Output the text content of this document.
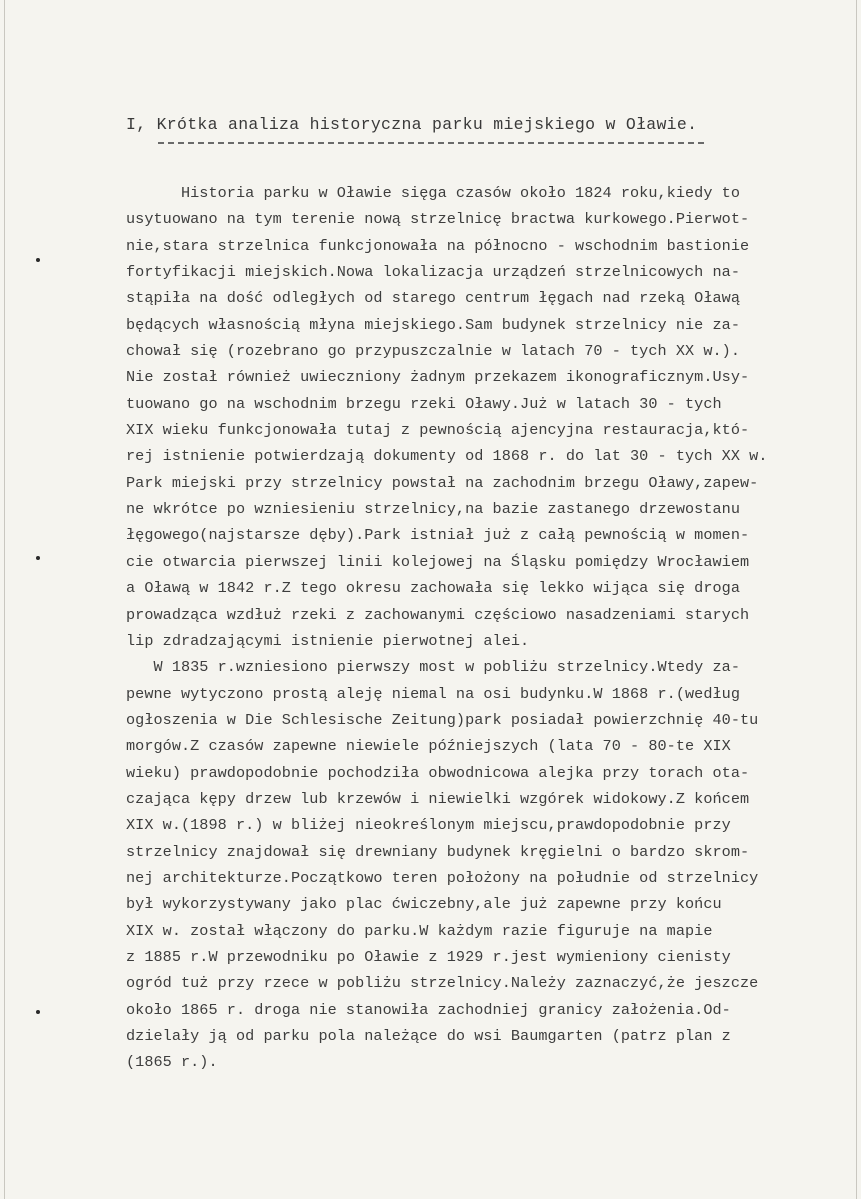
I, Krótka analiza historyczna parku miejskiego w Oławie.
Historia parku w Oławie sięga czasów około 1824 roku,kiedy to
usytuowano na tym terenie nową strzelnicę bractwa kurkowego.Pierwot-
nie,stara strzelnica funkcjonowała na północno - wschodnim bastionie
fortyfikacji miejskich.Nowa lokalizacja urządzeń strzelnicowych na-
stąpiła na dość odległych od starego centrum łęgach nad rzeką Oławą
będących własnością młyna miejskiego.Sam budynek strzelnicy nie za-
chował się (rozebrano go przypuszczalnie w latach 70 - tych XX w.).
Nie został również uwieczniony żadnym przekazem ikonograficznym.Usy-
tuowano go na wschodnim brzegu rzeki Oławy.Już w latach 30 - tych
XIX wieku funkcjonowała tutaj z pewnością ajencyjna restauracja,któ-
rej istnienie potwierdzają dokumenty od 1868 r. do lat 30 - tych XX w.
Park miejski przy strzelnicy powstał na zachodnim brzegu Oławy,zapew-
ne wkrótce po wzniesieniu strzelnicy,na bazie zastanego drzewostanu
łęgowego(najstarsze dęby).Park istniał już z całą pewnością w momen-
cie otwarcia pierwszej linii kolejowej na Śląsku pomiędzy Wrocławiem
a Oławą w 1842 r.Z tego okresu zachowała się lekko wijąca się droga
prowadząca wzdłuż rzeki z zachowanymi częściowo nasadzeniami starych
lip zdradzającymi istnienie pierwotnej alei.
W 1835 r.wzniesiono pierwszy most w pobliżu strzelnicy.Wtedy za-
pewne wytyczono prostą aleję niemal na osi budynku.W 1868 r.(według
ogłoszenia w Die Schlesische Zeitung)park posiadał powierzchnię 40-tu
morgów.Z czasów zapewne niewiele późniejszych (lata 70 - 80-te XIX
wieku) prawdopodobnie pochodziła obwodnicowa alejka przy torach ota-
czająca kępy drzew lub krzewów i niewielki wzgórek widokowy.Z końcem
XIX w.(1898 r.) w bliżej nieokreślonym miejscu,prawdopodobnie przy
strzelnicy znajdował się drewniany budynek kręgielni o bardzo skrom-
nej architekturze.Początkowo teren położony na południe od strzelnicy
był wykorzystywany jako plac ćwiczebny,ale już zapewne przy końcu
XIX w. został włączony do parku.W każdym razie figuruje na mapie
z 1885 r.W przewodniku po Oławie z 1929 r.jest wymieniony cienisty
ogród tuż przy rzece w pobliżu strzelnicy.Należy zaznaczyć,że jeszcze
około 1865 r. droga nie stanowiła zachodniej granicy założenia.Od-
dzielały ją od parku pola należące do wsi Baumgarten (patrz plan z
(1865 r.).
